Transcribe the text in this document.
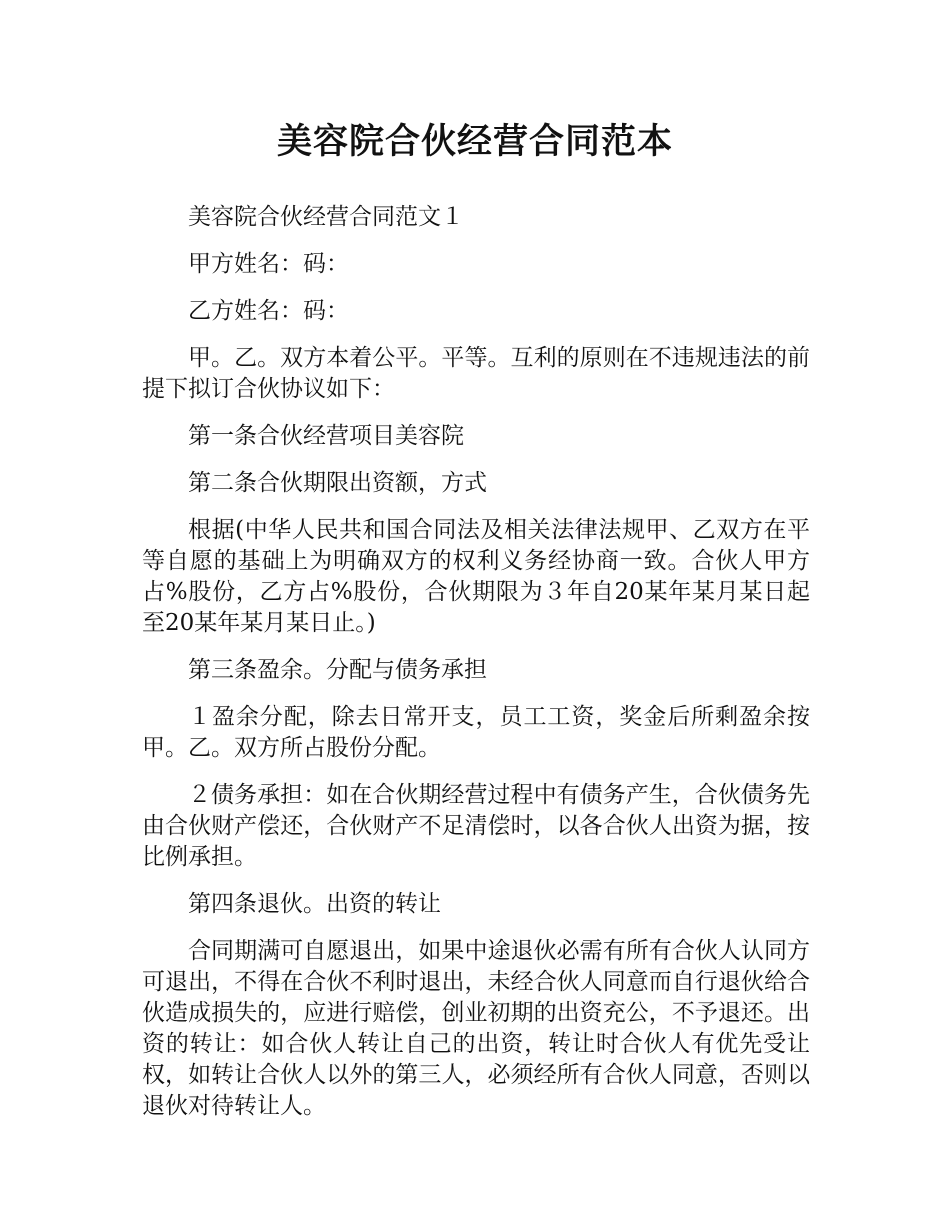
美容院合伙经营合同范本

美容院合伙经营合同范文１

甲方姓名：码：

乙方姓名：码：

甲。乙。双方本着公平。平等。互利的原则在不违规违法的前提下拟订合伙协议如下：

第一条合伙经营项目美容院

第二条合伙期限出资额，方式

根据(中华人民共和国合同法及相关法律法规甲、乙双方在平等自愿的基础上为明确双方的权利义务经协商一致。合伙人甲方占%股份，乙方占%股份，合伙期限为３年自20某年某月某日起至20某年某月某日止。)

第三条盈余。分配与债务承担

１盈余分配，除去日常开支，员工工资，奖金后所剩盈余按甲。乙。双方所占股份分配。

２债务承担：如在合伙期经营过程中有债务产生，合伙债务先由合伙财产偿还，合伙财产不足清偿时，以各合伙人出资为据，按比例承担。

第四条退伙。出资的转让

合同期满可自愿退出，如果中途退伙必需有所有合伙人认同方可退出，不得在合伙不利时退出，未经合伙人同意而自行退伙给合伙造成损失的，应进行赔偿，创业初期的出资充公，不予退还。出资的转让：如合伙人转让自己的出资，转让时合伙人有优先受让权，如转让合伙人以外的第三人，必须经所有合伙人同意，否则以退伙对待转让人。
